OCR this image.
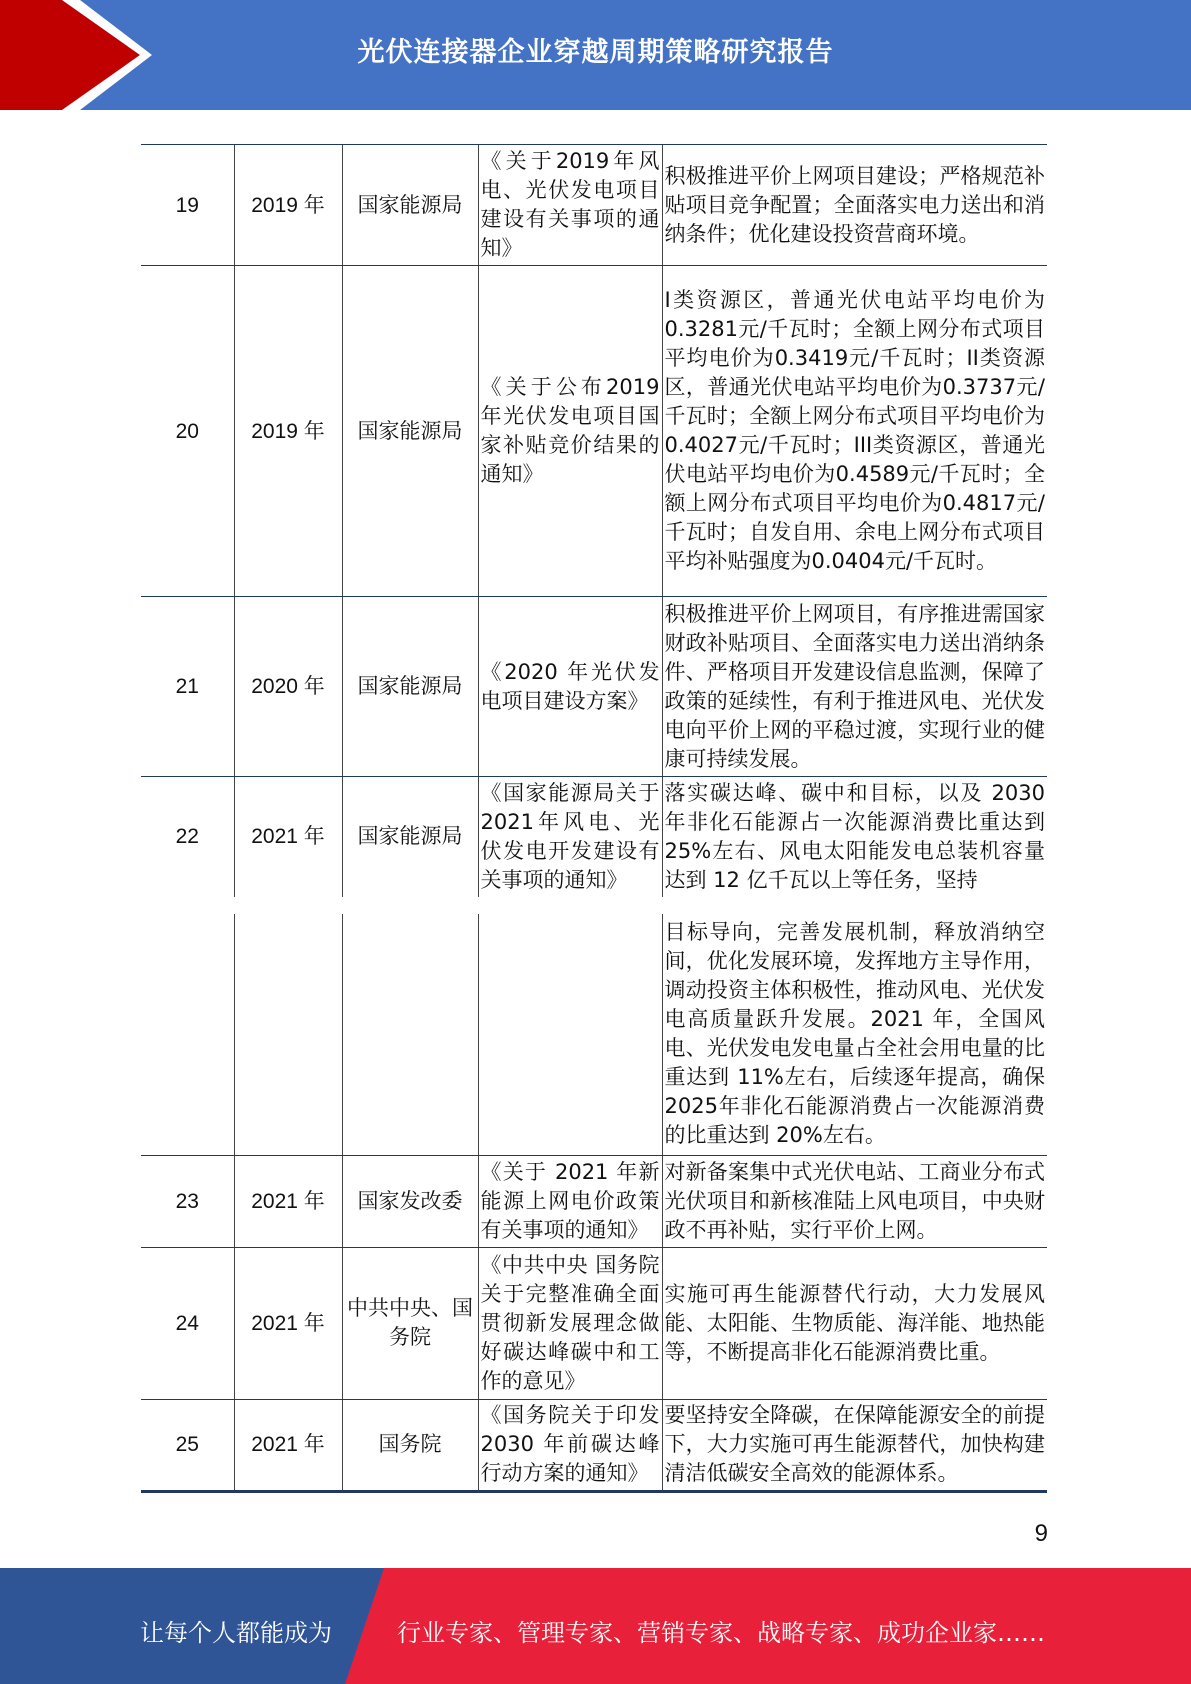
光伏连接器企业穿越周期策略研究报告
19	2019 年	国家能源局	《关于2019年风电、光伏发电项目建设有关事项的通知》	积极推进平价上网项目建设；严格规范补贴项目竞争配置；全面落实电力送出和消纳条件；优化建设投资营商环境。
20	2019 年	国家能源局	《关于公布2019年光伏发电项目国家补贴竞价结果的通知》	I类资源区，普通光伏电站平均电价为0.3281元/千瓦时；全额上网分布式项目平均电价为0.3419元/千瓦时；II类资源区，普通光伏电站平均电价为0.3737元/千瓦时；全额上网分布式项目平均电价为0.4027元/千瓦时；III类资源区，普通光伏电站平均电价为0.4589元/千瓦时；全额上网分布式项目平均电价为0.4817元/千瓦时；自发自用、余电上网分布式项目平均补贴强度为0.0404元/千瓦时。
21	2020 年	国家能源局	《2020 年光伏发电项目建设方案》	积极推进平价上网项目，有序推进需国家财政补贴项目、全面落实电力送出消纳条件、严格项目开发建设信息监测，保障了政策的延续性，有利于推进风电、光伏发电向平价上网的平稳过渡，实现行业的健康可持续发展。
22	2021 年	国家能源局	《国家能源局关于2021年风电、光伏发电开发建设有关事项的通知》	落实碳达峰、碳中和目标，以及 2030 年非化石能源占一次能源消费比重达到 25%左右、风电太阳能发电总装机容量达到 12 亿千瓦以上等任务，坚持
				目标导向，完善发展机制，释放消纳空间，优化发展环境，发挥地方主导作用，调动投资主体积极性，推动风电、光伏发电高质量跃升发展。2021 年，全国风电、光伏发电发电量占全社会用电量的比重达到 11%左右，后续逐年提高，确保2025年非化石能源消费占一次能源消费的比重达到 20%左右。
23	2021 年	国家发改委	《关于 2021 年新能源上网电价政策有关事项的通知》	对新备案集中式光伏电站、工商业分布式光伏项目和新核准陆上风电项目，中央财政不再补贴，实行平价上网。
24	2021 年	中共中央、国务院	《中共中央 国务院关于完整准确全面贯彻新发展理念做好碳达峰碳中和工作的意见》	实施可再生能源替代行动，大力发展风能、太阳能、生物质能、海洋能、地热能等，不断提高非化石能源消费比重。
25	2021 年	国务院	《国务院关于印发2030 年前碳达峰行动方案的通知》	要坚持安全降碳，在保障能源安全的前提下，大力实施可再生能源替代，加快构建清洁低碳安全高效的能源体系。
9
让每个人都能成为	行业专家、管理专家、营销专家、战略专家、成功企业家……
